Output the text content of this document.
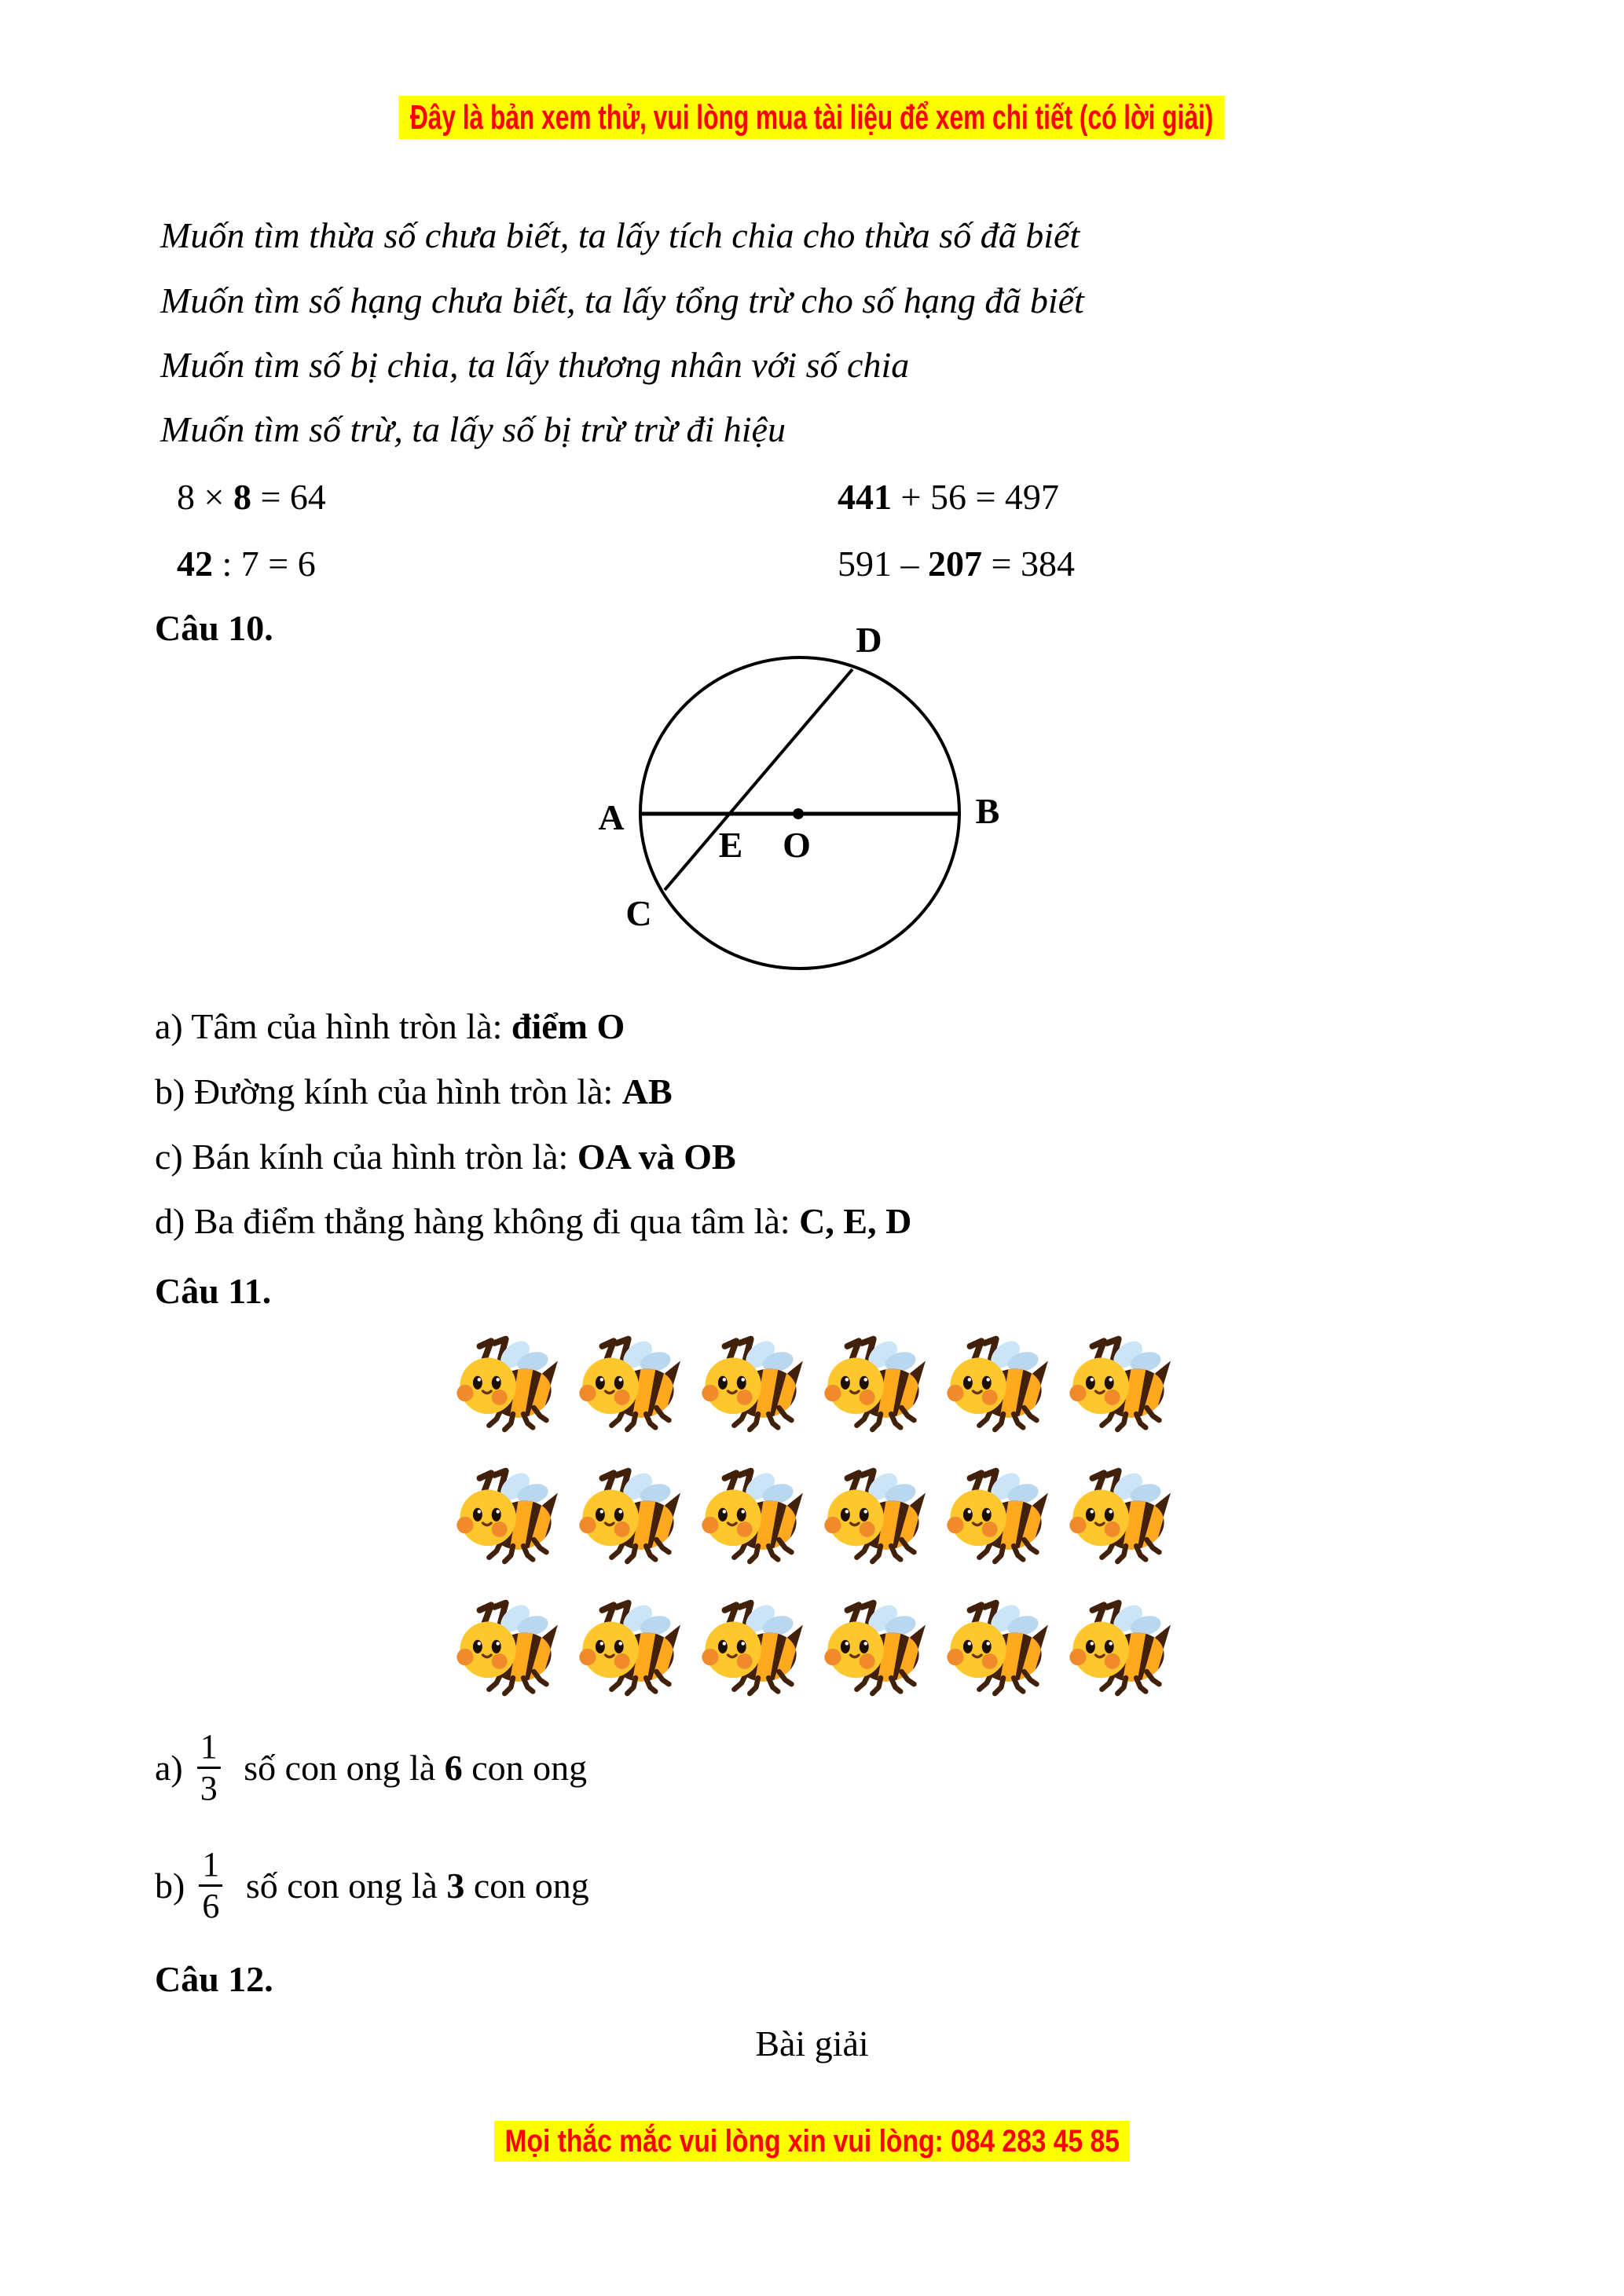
Đây là bản xem thử, vui lòng mua tài liệu để xem chi tiết (có lời giải)
Muốn tìm thừa số chưa biết, ta lấy tích chia cho thừa số đã biết
Muốn tìm số hạng chưa biết, ta lấy tổng trừ cho số hạng đã biết
Muốn tìm số bị chia, ta lấy thương nhân với số chia
Muốn tìm số trừ, ta lấy số bị trừ trừ đi hiệu
8 × 8 = 64	441 + 56 = 497
42 : 7 = 6	591 – 207 = 384
Câu 10.
A	B
C
D
E O
a) Tâm của hình tròn là: điểm O
b) Đường kính của hình tròn là: AB
c) Bán kính của hình tròn là: OA và OB
d) Ba điểm thẳng hàng không đi qua tâm là: C, E, D
Câu 11.
$a) \frac{1}{3}$ số con ong là 6 con ong
$b) \frac{1}{6}$ số con ong là 3 con ong
Câu 12.
Bài giải
Mọi thắc mắc vui lòng xin vui lòng: 084 283 45 85
